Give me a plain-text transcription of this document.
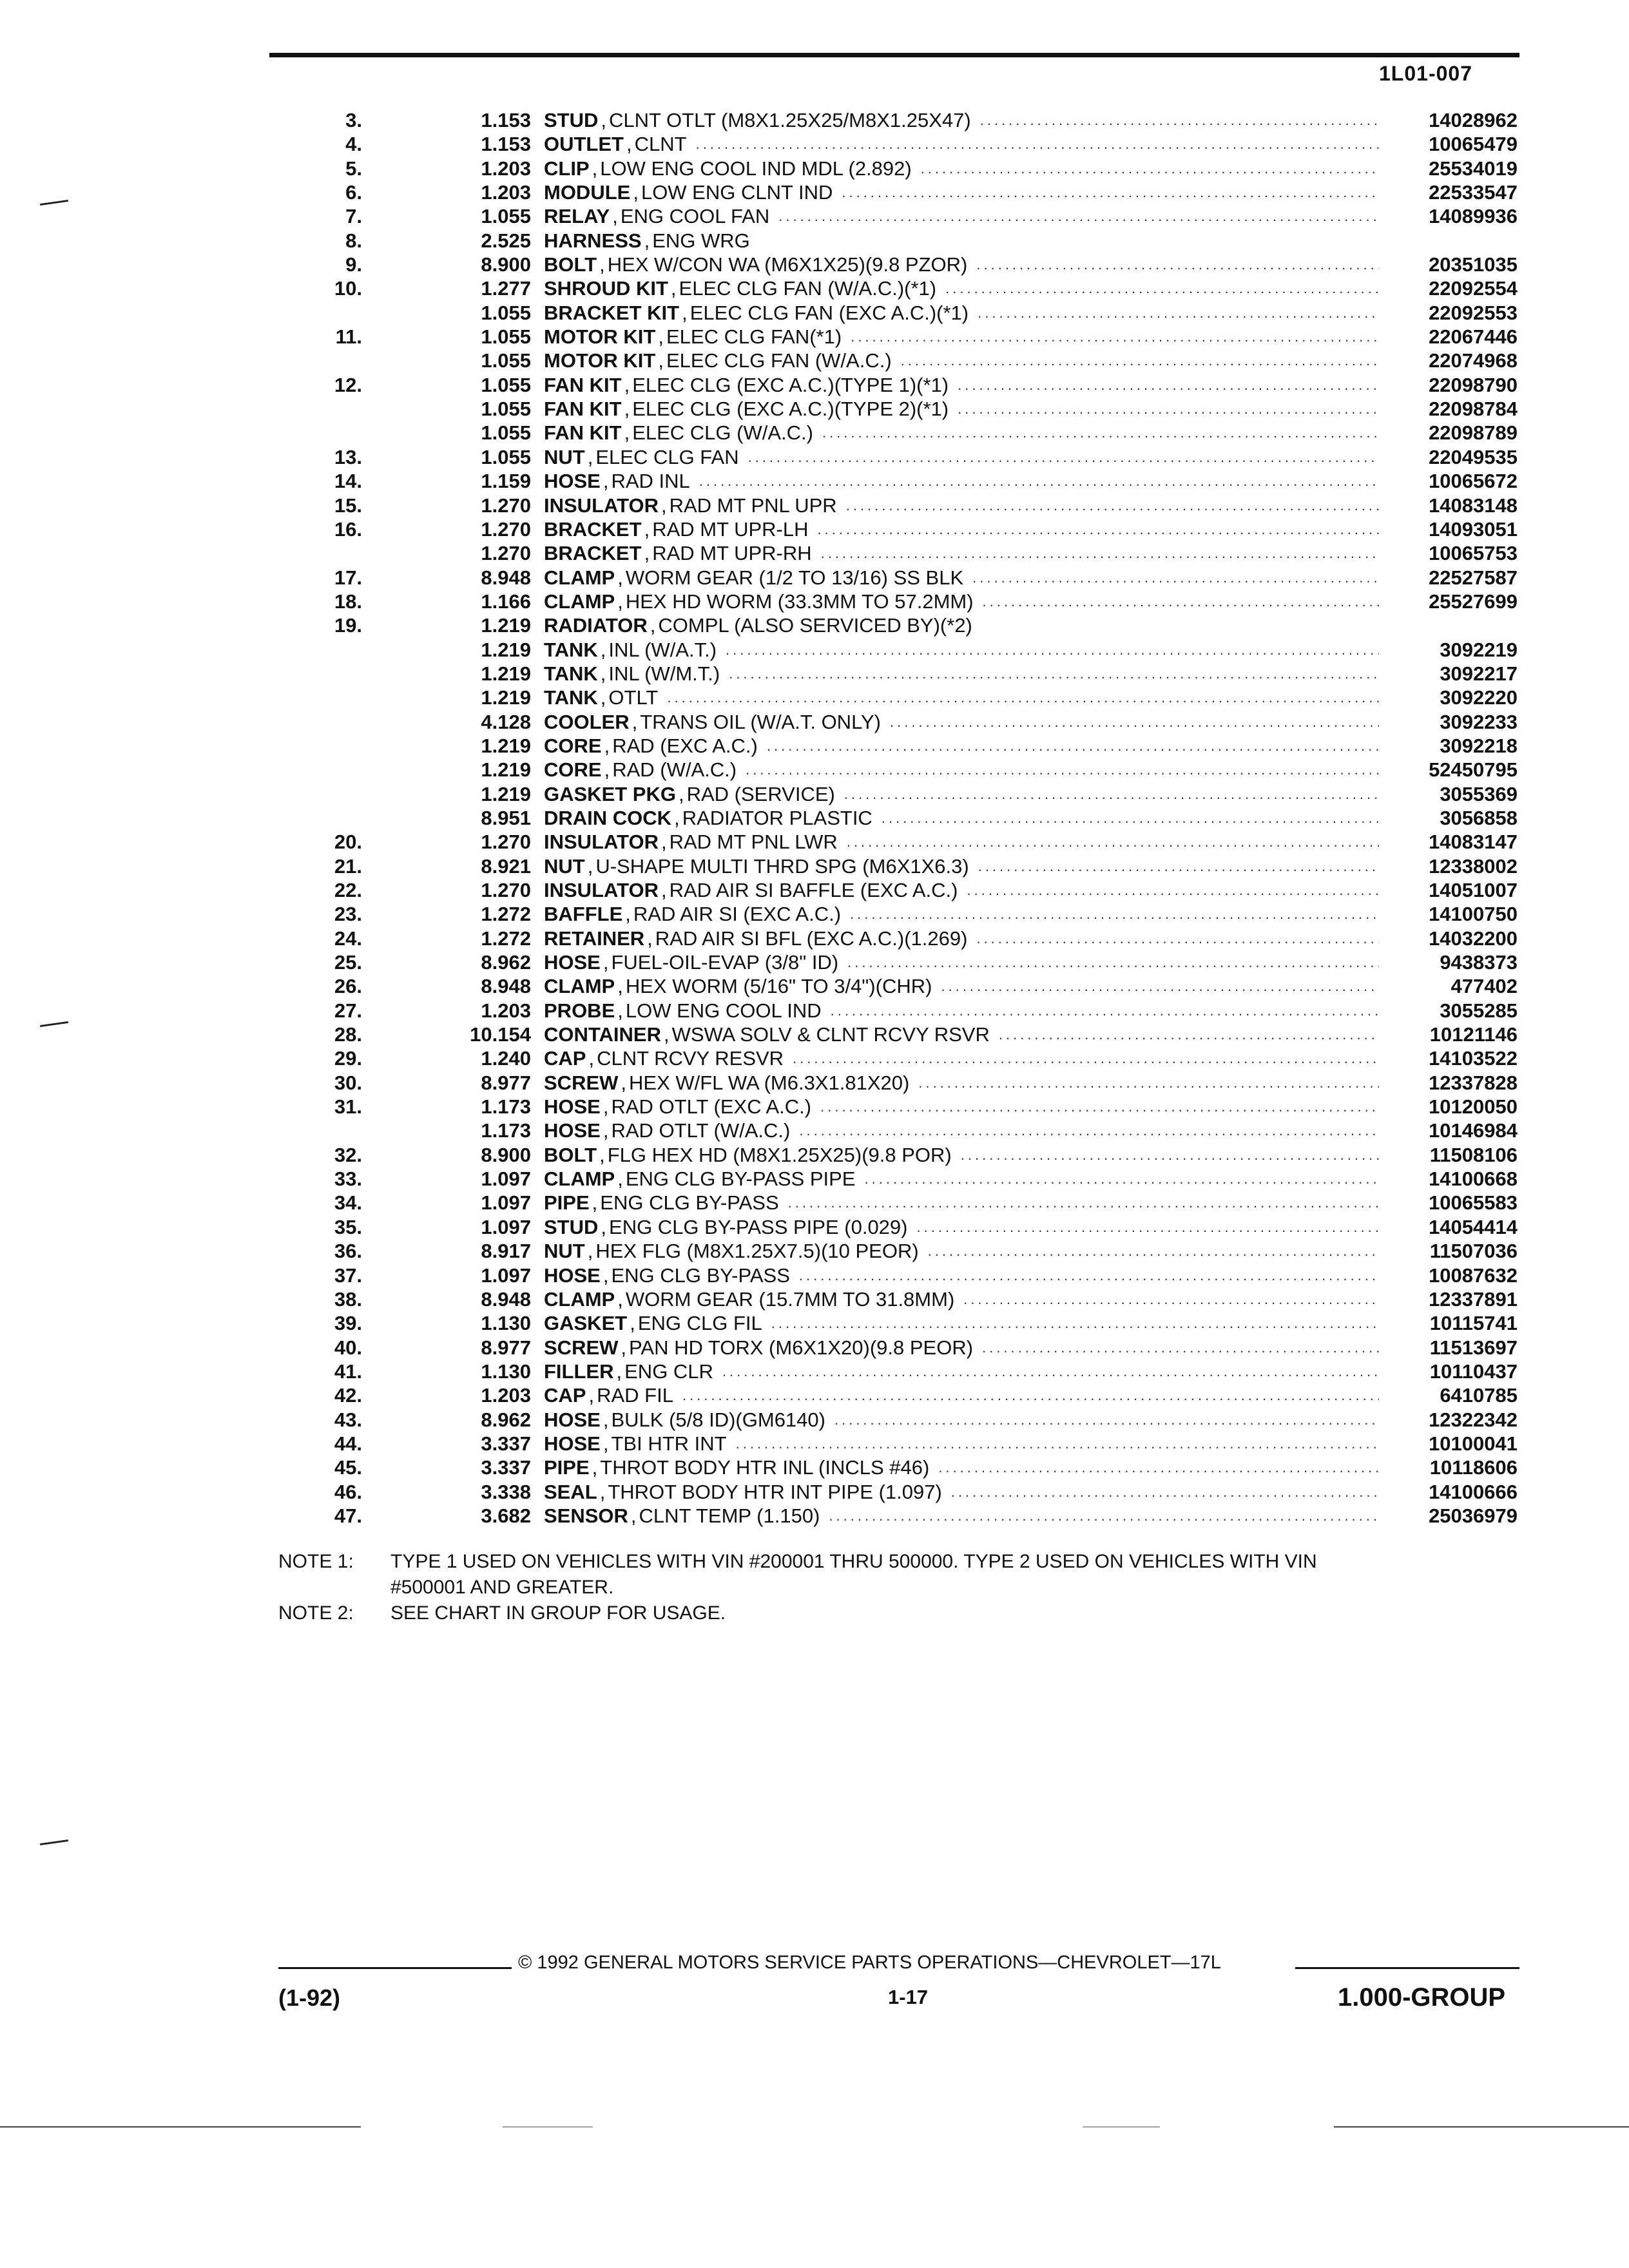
1L01-007
3.	1.153 STUD , CLNT OTLT (M8X1.25X25/M8X1.25X47) .....	14028962
4.	1.153 OUTLET , CLNT .....	10065479
5.	1.203 CLIP , LOW ENG COOL IND MDL (2.892) .....	25534019
6.	1.203 MODULE , LOW ENG CLNT IND .....	22533547
7.	1.055 RELAY , ENG COOL FAN .....	14089936
8.	2.525 HARNESS , ENG WRG
9.	8.900 BOLT , HEX W/CON WA (M6X1X25)(9.8 PZOR) .....	20351035
10.	1.277 SHROUD KIT , ELEC CLG FAN (W/A.C.)(*1) .....	22092554
1.055 BRACKET KIT , ELEC CLG FAN (EXC A.C.)(*1) .....	22092553
11.	1.055 MOTOR KIT , ELEC CLG FAN(*1) .....	22067446
1.055 MOTOR KIT , ELEC CLG FAN (W/A.C.) .....	22074968
12.	1.055 FAN KIT , ELEC CLG (EXC A.C.)(TYPE 1)(*1) .....	22098790
1.055 FAN KIT , ELEC CLG (EXC A.C.)(TYPE 2)(*1) .....	22098784
1.055 FAN KIT , ELEC CLG (W/A.C.) .....	22098789
13.	1.055 NUT , ELEC CLG FAN .....	22049535
14.	1.159 HOSE , RAD INL .....	10065672
15.	1.270 INSULATOR , RAD MT PNL UPR .....	14083148
16.	1.270 BRACKET , RAD MT UPR-LH .....	14093051
1.270 BRACKET , RAD MT UPR-RH .....	10065753
17.	8.948 CLAMP , WORM GEAR (1/2 TO 13/16) SS BLK .....	22527587
18.	1.166 CLAMP , HEX HD WORM (33.3MM TO 57.2MM) .....	25527699
19.	1.219 RADIATOR , COMPL (ALSO SERVICED BY)(*2)
1.219 TANK , INL (W/A.T.) .....	3092219
1.219 TANK , INL (W/M.T.) .....	3092217
1.219 TANK , OTLT .....	3092220
4.128 COOLER , TRANS OIL (W/A.T. ONLY) .....	3092233
1.219 CORE , RAD (EXC A.C.) .....	3092218
1.219 CORE , RAD (W/A.C.) .....	52450795
1.219 GASKET PKG , RAD (SERVICE) .....	3055369
8.951 DRAIN COCK , RADIATOR PLASTIC .....	3056858
20.	1.270 INSULATOR , RAD MT PNL LWR .....	14083147
21.	8.921 NUT , U-SHAPE MULTI THRD SPG (M6X1X6.3) .....	12338002
22.	1.270 INSULATOR , RAD AIR SI BAFFLE (EXC A.C.) .....	14051007
23.	1.272 BAFFLE , RAD AIR SI (EXC A.C.) .....	14100750
24.	1.272 RETAINER , RAD AIR SI BFL (EXC A.C.)(1.269) .....	14032200
25.	8.962 HOSE , FUEL-OIL-EVAP (3/8" ID) .....	9438373
26.	8.948 CLAMP , HEX WORM (5/16" TO 3/4")(CHR) .....	477402
27.	1.203 PROBE , LOW ENG COOL IND .....	3055285
28.	10.154 CONTAINER , WSWA SOLV & CLNT RCVY RSVR .....	10121146
29.	1.240 CAP , CLNT RCVY RESVR .....	14103522
30.	8.977 SCREW , HEX W/FL WA (M6.3X1.81X20) .....	12337828
31.	1.173 HOSE , RAD OTLT (EXC A.C.) .....	10120050
1.173 HOSE , RAD OTLT (W/A.C.) .....	10146984
32.	8.900 BOLT , FLG HEX HD (M8X1.25X25)(9.8 POR) .....	11508106
33.	1.097 CLAMP , ENG CLG BY-PASS PIPE .....	14100668
34.	1.097 PIPE , ENG CLG BY-PASS .....	10065583
35.	1.097 STUD , ENG CLG BY-PASS PIPE (0.029) .....	14054414
36.	8.917 NUT , HEX FLG (M8X1.25X7.5)(10 PEOR) .....	11507036
37.	1.097 HOSE , ENG CLG BY-PASS .....	10087632
38.	8.948 CLAMP , WORM GEAR (15.7MM TO 31.8MM) .....	12337891
39.	1.130 GASKET , ENG CLG FIL .....	10115741
40.	8.977 SCREW , PAN HD TORX (M6X1X20)(9.8 PEOR) .....	11513697
41.	1.130 FILLER , ENG CLR .....	10110437
42.	1.203 CAP , RAD FIL .....	6410785
43.	8.962 HOSE , BULK (5/8 ID)(GM6140) .....	12322342
44.	3.337 HOSE , TBI HTR INT .....	10100041
45.	3.337 PIPE , THROT BODY HTR INL (INCLS #46) .....	10118606
46.	3.338 SEAL , THROT BODY HTR INT PIPE (1.097) .....	14100666
47.	3.682 SENSOR , CLNT TEMP (1.150) .....	25036979
NOTE 1:	TYPE 1 USED ON VEHICLES WITH VIN #200001 THRU 500000. TYPE 2 USED ON VEHICLES WITH VIN
#500001 AND GREATER.
NOTE 2:	SEE CHART IN GROUP FOR USAGE.
© 1992 GENERAL MOTORS SERVICE PARTS OPERATIONS—CHEVROLET—17L
(1-92)	1-17	1.000-GROUP
